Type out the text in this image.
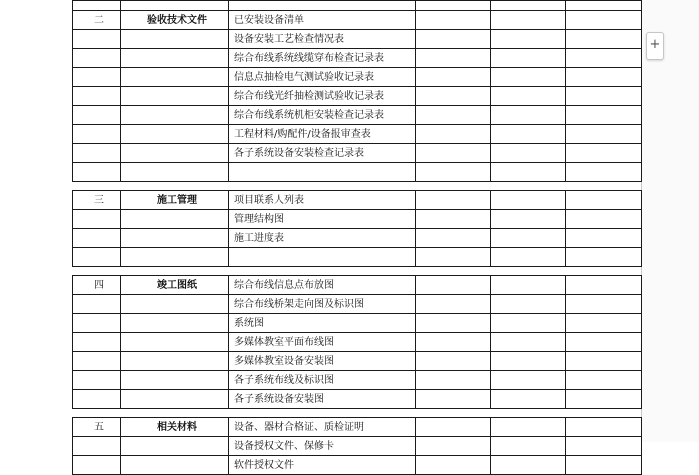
+

二	验收技术文件	已安装设备清单			
		设备安装工艺检查情况表			
		综合布线系统线缆穿布检查记录表			
		信息点抽检电气测试验收记录表			
		综合布线光纤抽检测试验收记录表			
		综合布线系统机柜安装检查记录表			
		工程材料/购配件/设备报审查表			
		各子系统设备安装检查记录表			

三	施工管理	项目联系人列表			
		管理结构图			
		施工进度表			

四	竣工图纸	综合布线信息点布放图			
		综合布线桥架走向图及标识图			
		系统图			
		多媒体教室平面布线图			
		多媒体教室设备安装图			
		各子系统布线及标识图			
		各子系统设备安装图			

五	相关材料	设备、器材合格证、质检证明			
		设备授权文件、保修卡			
		软件授权文件			
